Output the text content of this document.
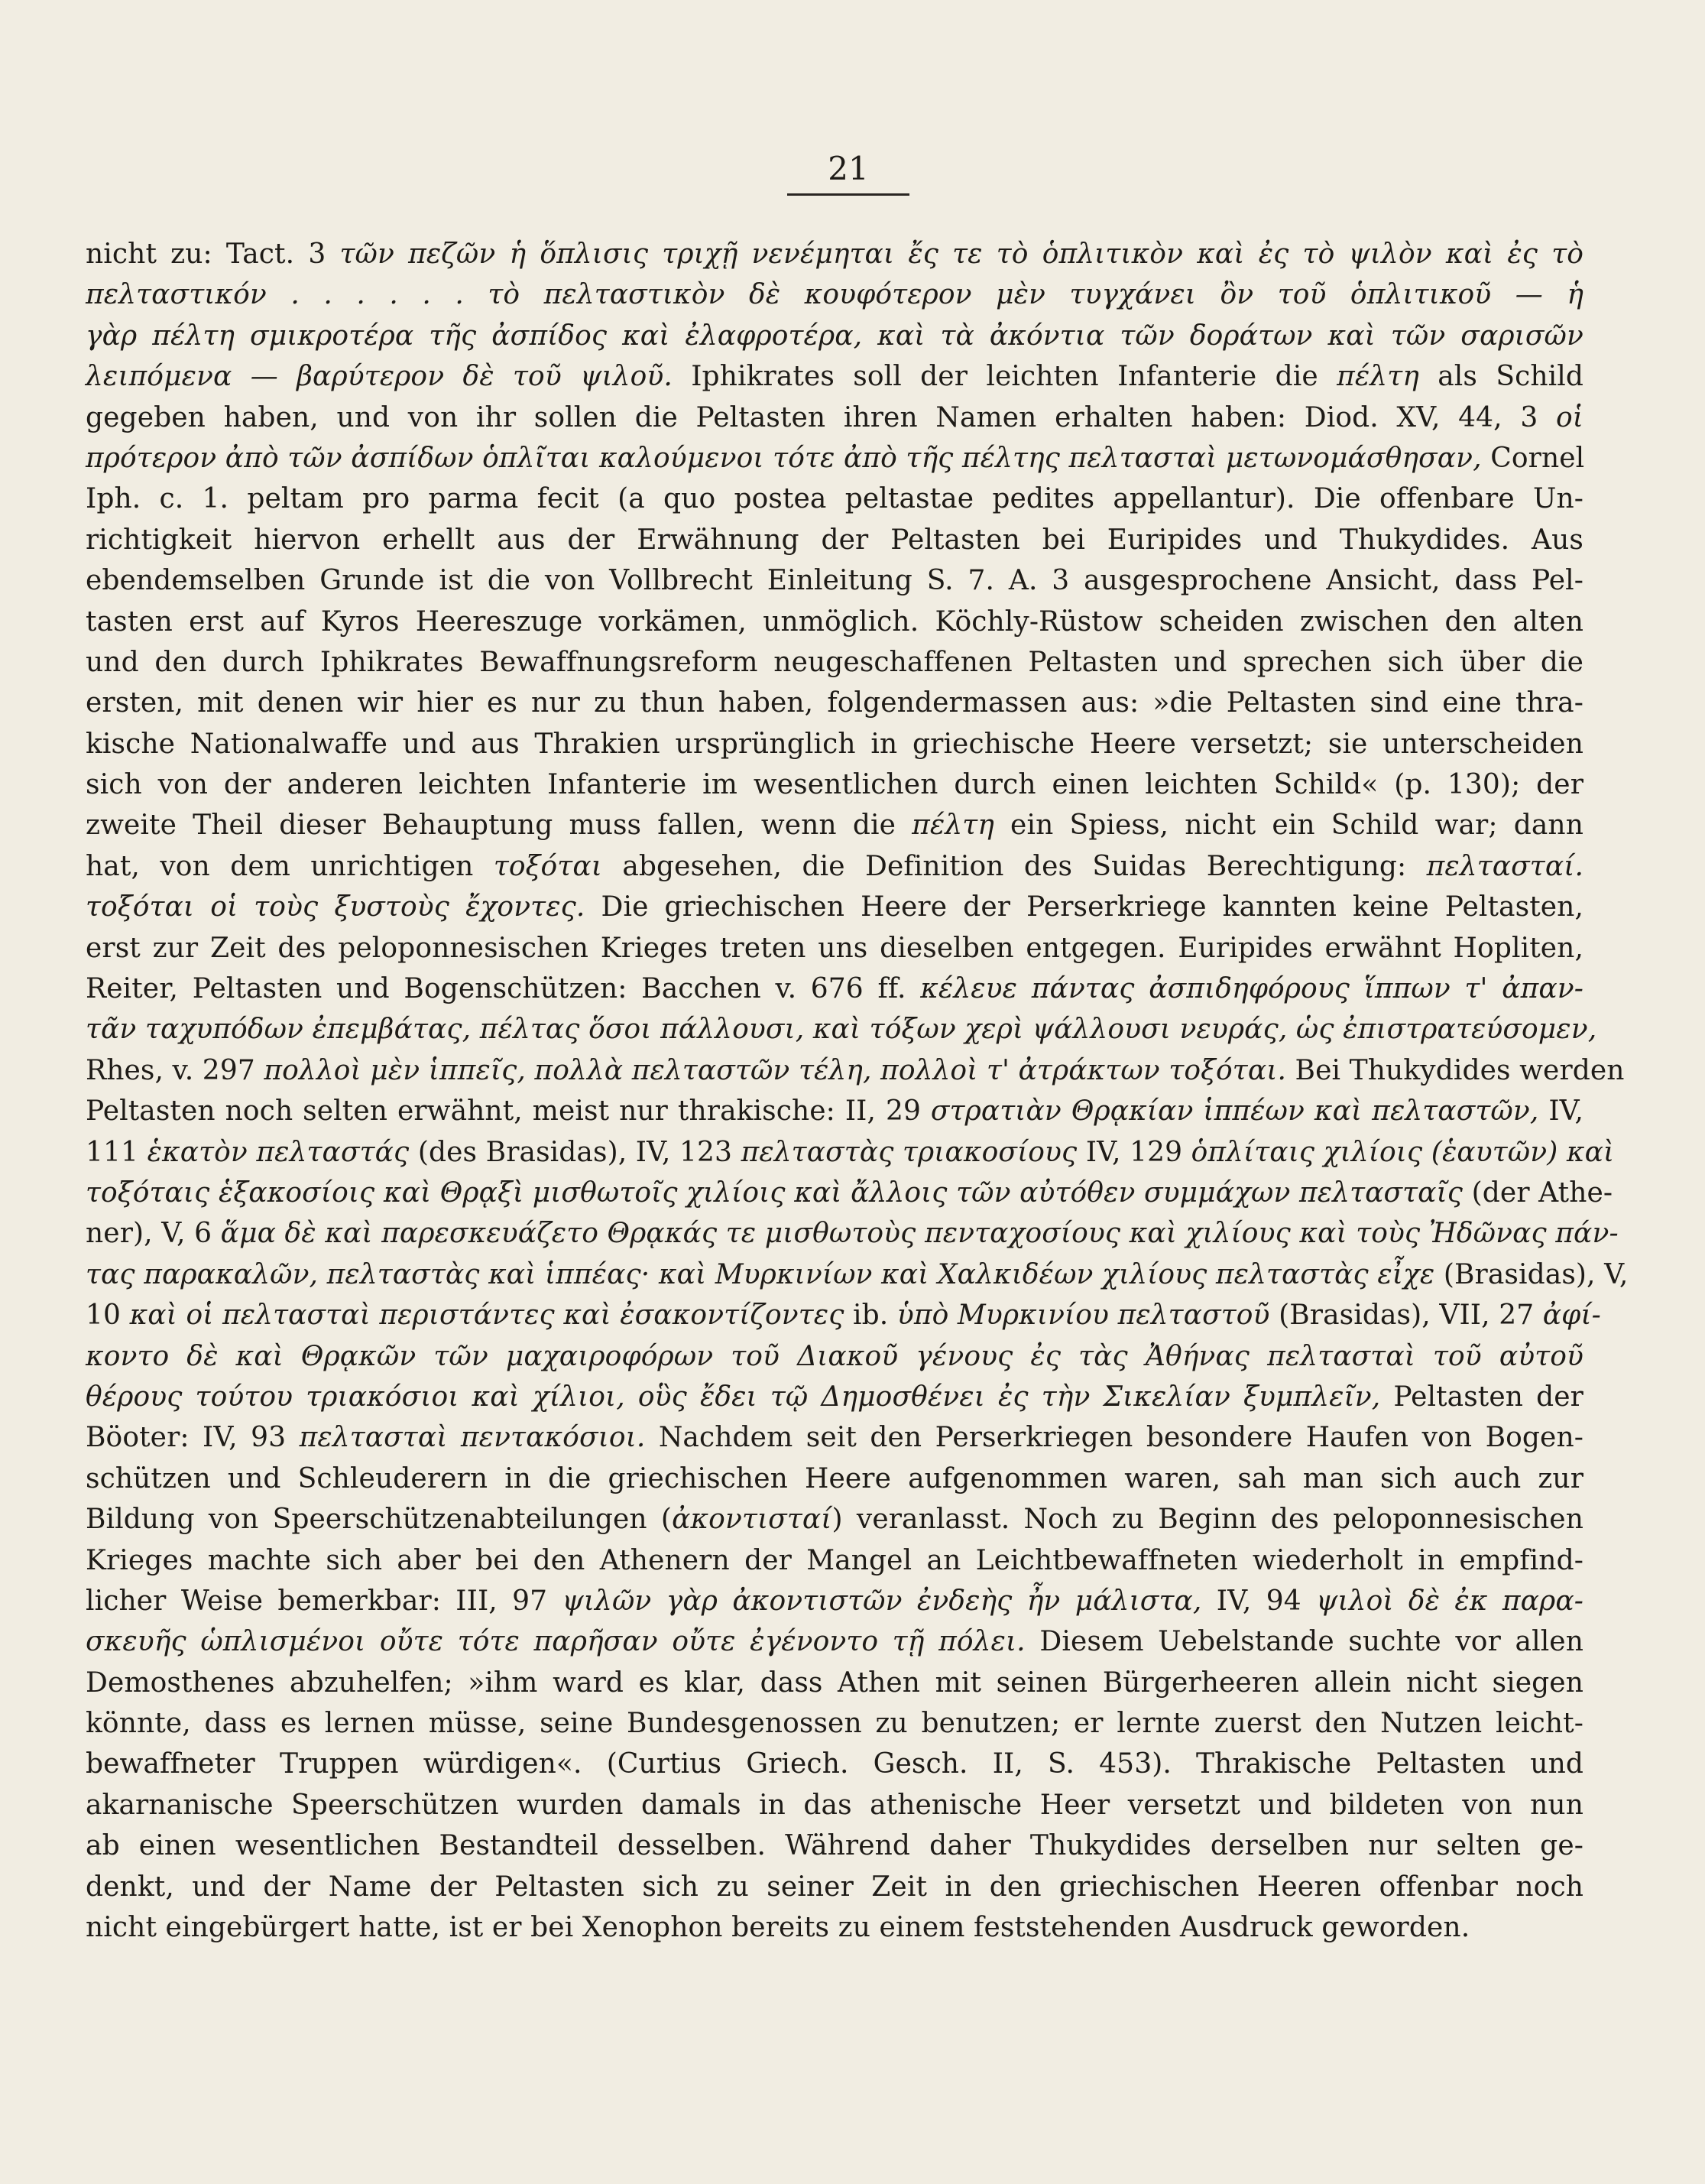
21
nicht zu: Tact. 3 τῶν πεζῶν ἡ ὅπλισις τριχῇ νενέμηται ἔς τε τὸ ὁπλιτικὸν καὶ ἐς τὸ ψιλὸν καὶ ἐς τὸ
πελταστικόν . . . . . . τὸ πελταστικὸν δὲ κουφότερον μὲν τυγχάνει ὂν τοῦ ὁπλιτικοῦ — ἡ
γὰρ πέλτη σμικροτέρα τῆς ἀσπίδος καὶ ἐλαφροτέρα, καὶ τὰ ἀκόντια τῶν δοράτων καὶ τῶν σαρισῶν
λειπόμενα — βαρύτερον δὲ τοῦ ψιλοῦ. Iphikrates soll der leichten Infanterie die πέλτη als Schild
gegeben haben, und von ihr sollen die Peltasten ihren Namen erhalten haben: Diod. XV, 44, 3 οἱ
πρότερον ἀπὸ τῶν ἀσπίδων ὁπλῖται καλούμενοι τότε ἀπὸ τῆς πέλτης πελτασταὶ μετωνομάσθησαν, Cornel
Iph. c. 1. peltam pro parma fecit (a quo postea peltastae pedites appellantur). Die offenbare Un-
richtigkeit hiervon erhellt aus der Erwähnung der Peltasten bei Euripides und Thukydides. Aus
ebendemselben Grunde ist die von Vollbrecht Einleitung S. 7. A. 3 ausgesprochene Ansicht, dass Pel-
tasten erst auf Kyros Heereszuge vorkämen, unmöglich. Köchly-Rüstow scheiden zwischen den alten
und den durch Iphikrates Bewaffnungsreform neugeschaffenen Peltasten und sprechen sich über die
ersten, mit denen wir hier es nur zu thun haben, folgendermassen aus: »die Peltasten sind eine thra-
kische Nationalwaffe und aus Thrakien ursprünglich in griechische Heere versetzt; sie unterscheiden
sich von der anderen leichten Infanterie im wesentlichen durch einen leichten Schild« (p. 130); der
zweite Theil dieser Behauptung muss fallen, wenn die πέλτη ein Spiess, nicht ein Schild war; dann
hat, von dem unrichtigen τοξόται abgesehen, die Definition des Suidas Berechtigung: πελτασταί.
τοξόται οἱ τοὺς ξυστοὺς ἔχοντες. Die griechischen Heere der Perserkriege kannten keine Peltasten,
erst zur Zeit des peloponnesischen Krieges treten uns dieselben entgegen. Euripides erwähnt Hopliten,
Reiter, Peltasten und Bogenschützen: Bacchen v. 676 ff. κέλευε πάντας ἀσπιδηφόρους ἵππων τ' ἀπαν-
τᾶν ταχυπόδων ἐπεμβάτας, πέλτας ὅσοι πάλλουσι, καὶ τόξων χερὶ ψάλλουσι νευράς, ὡς ἐπιστρατεύσομεν,
Rhes, v. 297 πολλοὶ μὲν ἱππεῖς, πολλὰ πελταστῶν τέλη, πολλοὶ τ' ἀτράκτων τοξόται. Bei Thukydides werden
Peltasten noch selten erwähnt, meist nur thrakische: II, 29 στρατιὰν Θρᾳκίαν ἱππέων καὶ πελταστῶν, IV,
111 ἑκατὸν πελταστάς (des Brasidas), IV, 123 πελταστὰς τριακοσίους IV, 129 ὁπλίταις χιλίοις (ἑαυτῶν) καὶ
τοξόταις ἑξακοσίοις καὶ Θρᾳξὶ μισθωτοῖς χιλίοις καὶ ἄλλοις τῶν αὐτόθεν συμμάχων πελτασταῖς (der Athe-
ner), V, 6 ἅμα δὲ καὶ παρεσκευάζετο Θρᾳκάς τε μισθωτοὺς πενταχοσίους καὶ χιλίους καὶ τοὺς Ἠδῶνας πάν-
τας παρακαλῶν, πελταστὰς καὶ ἱππέας· καὶ Μυρκινίων καὶ Χαλκιδέων χιλίους πελταστὰς εἶχε (Brasidas), V,
10 καὶ οἱ πελτασταὶ περιστάντες καὶ ἐσακοντίζοντες ib. ὑπὸ Μυρκινίου πελταστοῦ (Brasidas), VII, 27 ἀφί-
κοντο δὲ καὶ Θρᾳκῶν τῶν μαχαιροφόρων τοῦ Διακοῦ γένους ἐς τὰς Ἀθήνας πελτασταὶ τοῦ αὐτοῦ
θέρους τούτου τριακόσιοι καὶ χίλιοι, οὓς ἔδει τῷ Δημοσθένει ἐς τὴν Σικελίαν ξυμπλεῖν, Peltasten der
Böoter: IV, 93 πελτασταὶ πεντακόσιοι. Nachdem seit den Perserkriegen besondere Haufen von Bogen-
schützen und Schleuderern in die griechischen Heere aufgenommen waren, sah man sich auch zur
Bildung von Speerschützenabteilungen (ἀκοντισταί) veranlasst. Noch zu Beginn des peloponnesischen
Krieges machte sich aber bei den Athenern der Mangel an Leichtbewaffneten wiederholt in empfind-
licher Weise bemerkbar: III, 97 ψιλῶν γὰρ ἀκοντιστῶν ἐνδεὴς ἦν μάλιστα, IV, 94 ψιλοὶ δὲ ἐκ παρα-
σκευῆς ὡπλισμένοι οὔτε τότε παρῆσαν οὔτε ἐγένοντο τῇ πόλει. Diesem Uebelstande suchte vor allen
Demosthenes abzuhelfen; »ihm ward es klar, dass Athen mit seinen Bürgerheeren allein nicht siegen
könnte, dass es lernen müsse, seine Bundesgenossen zu benutzen; er lernte zuerst den Nutzen leicht-
bewaffneter Truppen würdigen«. (Curtius Griech. Gesch. II, S. 453). Thrakische Peltasten und
akarnanische Speerschützen wurden damals in das athenische Heer versetzt und bildeten von nun
ab einen wesentlichen Bestandteil desselben. Während daher Thukydides derselben nur selten ge-
denkt, und der Name der Peltasten sich zu seiner Zeit in den griechischen Heeren offenbar noch
nicht eingebürgert hatte, ist er bei Xenophon bereits zu einem feststehenden Ausdruck geworden.
